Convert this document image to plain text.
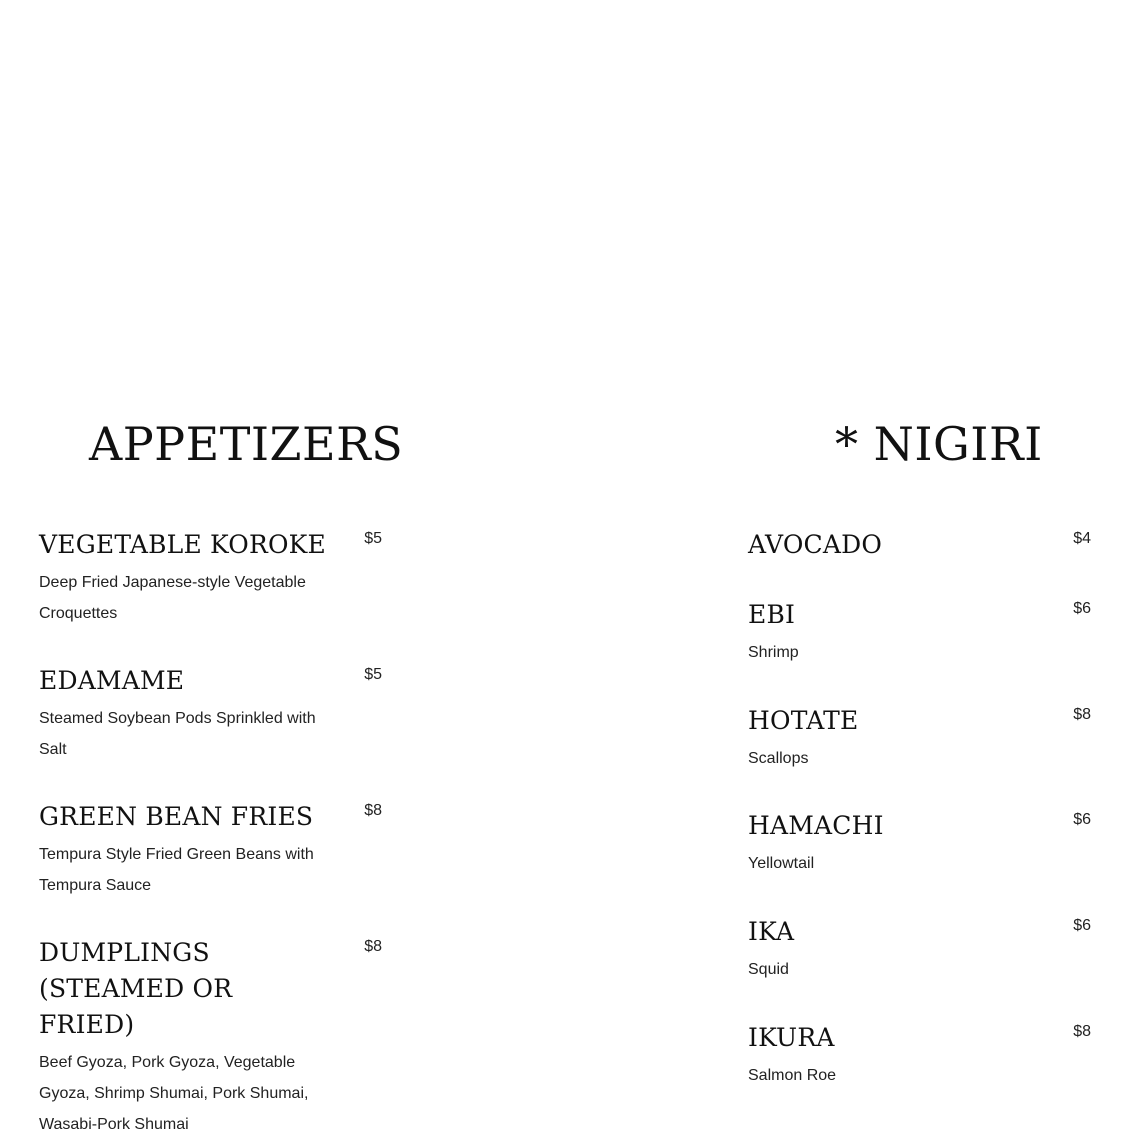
APPETIZERS	* NIGIRI
VEGETABLE KOROKE $5
Deep Fried Japanese-style Vegetable Croquettes
EDAMAME	$5
Steamed Soybean Pods Sprinkled with Salt
GREEN BEAN FRIES	$8
Tempura Style Fried Green Beans with Tempura Sauce
DUMPLINGS (STEAMED OR FRIED)
$8
Beef Gyoza, Pork Gyoza, Vegetable Gyoza, Shrimp Shumai, Pork Shumai, Wasabi-Pork Shumai
AVOCADO	$4
EBI	$6
Shrimp
HOTATE	$8
Scallops
HAMACHI	$6
Yellowtail
IKA	$6
Squid
IKURA	$8
Salmon Roe
